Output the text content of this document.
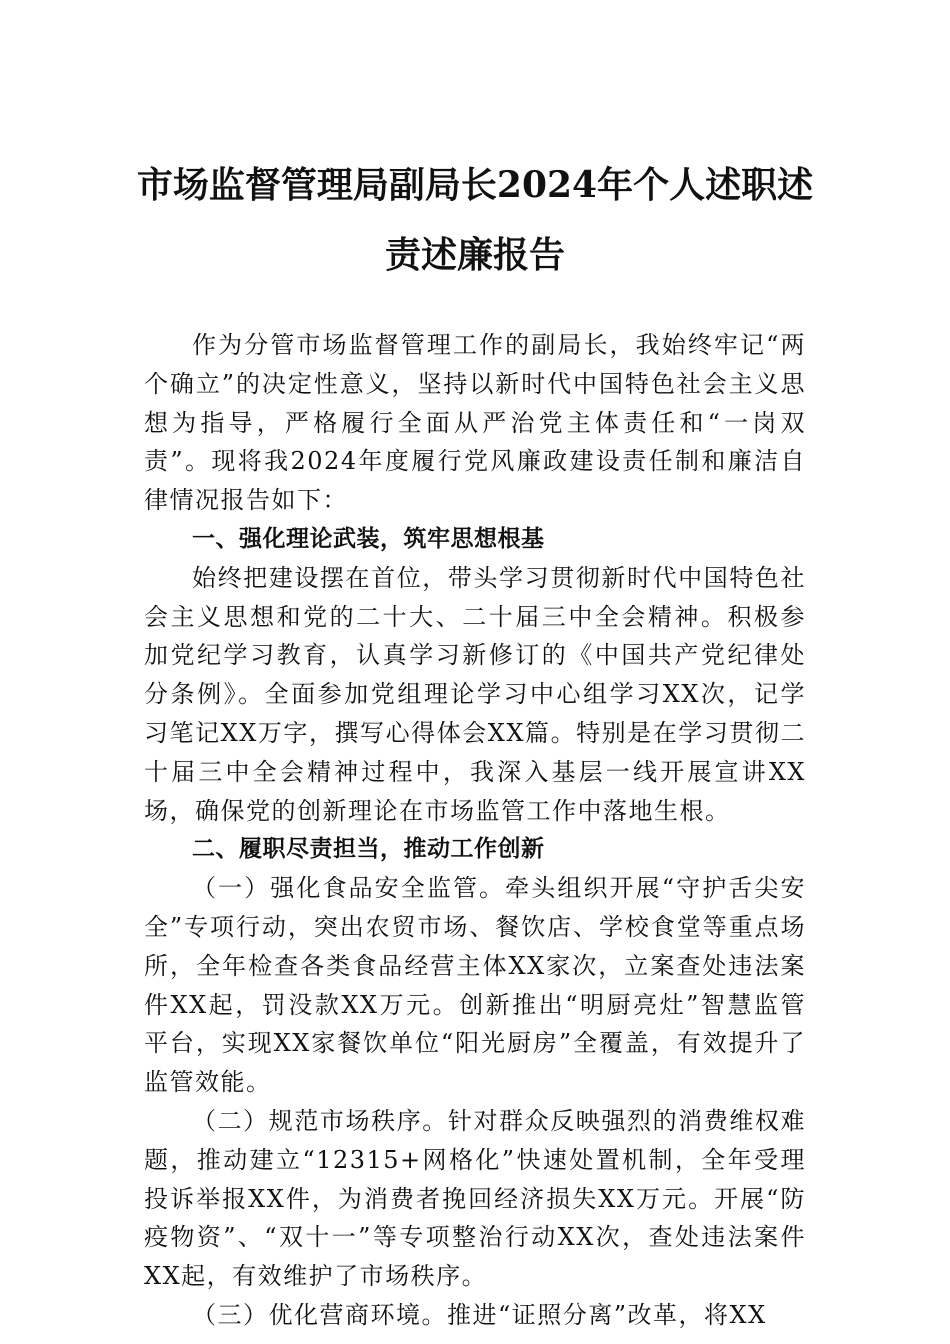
市场监督管理局副局长2024年个人述职述
责述廉报告

作为分管市场监督管理工作的副局长，我始终牢记“两个确立”的决定性意义，坚持以新时代中国特色社会主义思想为指导，严格履行全面从严治党主体责任和“一岗双责”。现将我2024年度履行党风廉政建设责任制和廉洁自律情况报告如下：

一、强化理论武装，筑牢思想根基

始终把建设摆在首位，带头学习贯彻新时代中国特色社会主义思想和党的二十大、二十届三中全会精神。积极参加党纪学习教育，认真学习新修订的《中国共产党纪律处分条例》。全面参加党组理论学习中心组学习XX次，记学习笔记XX万字，撰写心得体会XX篇。特别是在学习贯彻二十届三中全会精神过程中，我深入基层一线开展宣讲XX场，确保党的创新理论在市场监管工作中落地生根。

二、履职尽责担当，推动工作创新

（一）强化食品安全监管。牵头组织开展“守护舌尖安全”专项行动，突出农贸市场、餐饮店、学校食堂等重点场所，全年检查各类食品经营主体XX家次，立案查处违法案件XX起，罚没款XX万元。创新推出“明厨亮灶”智慧监管平台，实现XX家餐饮单位“阳光厨房”全覆盖，有效提升了监管效能。

（二）规范市场秩序。针对群众反映强烈的消费维权难题，推动建立“12315+网格化”快速处置机制，全年受理投诉举报XX件，为消费者挽回经济损失XX万元。开展“防疫物资”、“双十一”等专项整治行动XX次，查处违法案件XX起，有效维护了市场秩序。

（三）优化营商环境。推进“证照分离”改革，将XX
